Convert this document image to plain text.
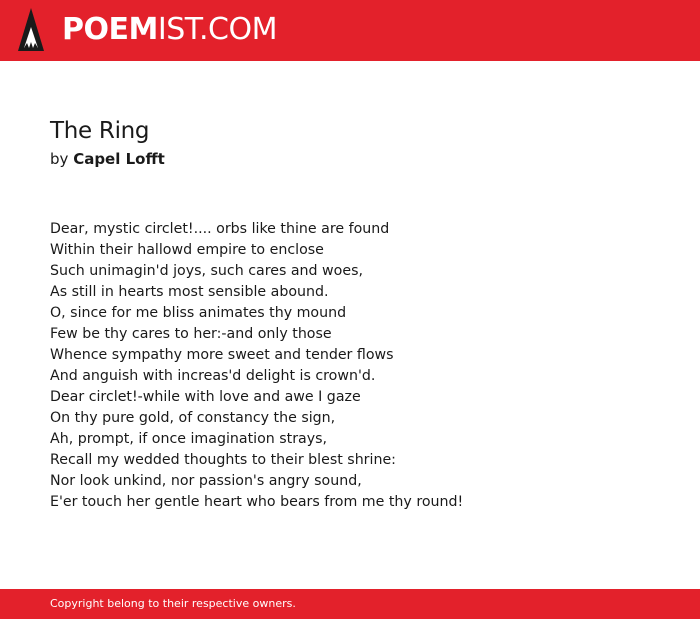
POEMIST.COM
The Ring
by Capel Lofft
Dear, mystic circlet!.... orbs like thine are found
Within their hallowd empire to enclose
Such unimagin'd joys, such cares and woes,
As still in hearts most sensible abound.
O, since for me bliss animates thy mound
Few be thy cares to her:-and only those
Whence sympathy more sweet and tender flows
And anguish with increas'd delight is crown'd.
Dear circlet!-while with love and awe I gaze
On thy pure gold, of constancy the sign,
Ah, prompt, if once imagination strays,
Recall my wedded thoughts to their blest shrine:
Nor look unkind, nor passion's angry sound,
E'er touch her gentle heart who bears from me thy round!
Copyright belong to their respective owners.
